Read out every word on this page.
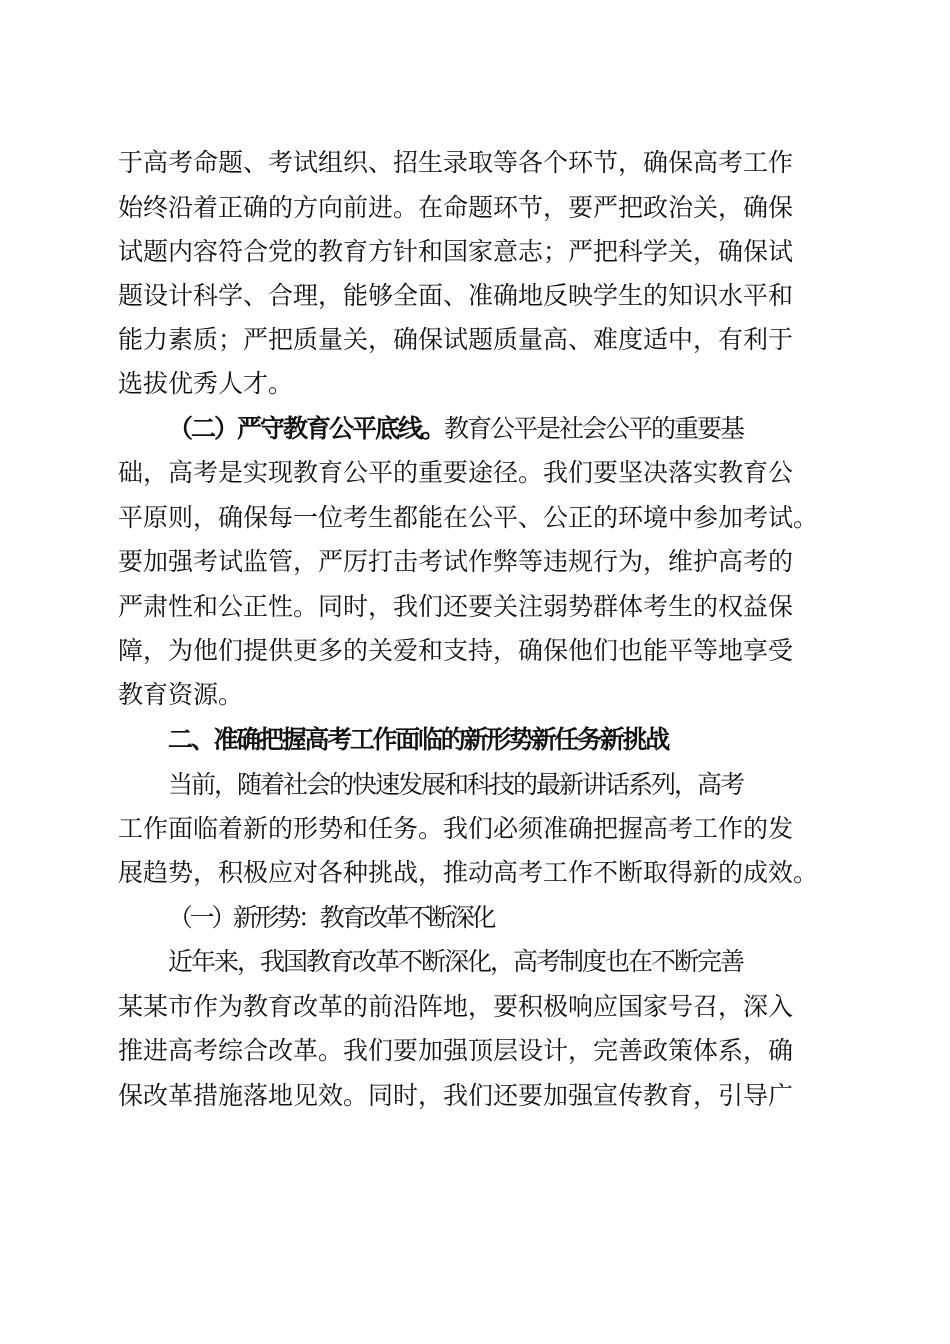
于高考命题、考试组织、招生录取等各个环节，确保高考工作
始终沿着正确的方向前进。在命题环节，要严把政治关，确保
试题内容符合党的教育方针和国家意志；严把科学关，确保试
题设计科学、合理，能够全面、准确地反映学生的知识水平和
能力素质；严把质量关，确保试题质量高、难度适中，有利于
选拔优秀人才。
（二）严守教育公平底线。教育公平是社会公平的重要基
础，高考是实现教育公平的重要途径。我们要坚决落实教育公
平原则，确保每一位考生都能在公平、公正的环境中参加考试。
要加强考试监管，严厉打击考试作弊等违规行为，维护高考的
严肃性和公正性。同时，我们还要关注弱势群体考生的权益保
障，为他们提供更多的关爱和支持，确保他们也能平等地享受
教育资源。
二、准确把握高考工作面临的新形势新任务新挑战
当前，随着社会的快速发展和科技的最新讲话系列，高考
工作面临着新的形势和任务。我们必须准确把握高考工作的发
展趋势，积极应对各种挑战，推动高考工作不断取得新的成效。
（一）新形势：教育改革不断深化
近年来，我国教育改革不断深化，高考制度也在不断完善
某某市作为教育改革的前沿阵地，要积极响应国家号召，深入
推进高考综合改革。我们要加强顶层设计，完善政策体系，确
保改革措施落地见效。同时，我们还要加强宣传教育，引导广
